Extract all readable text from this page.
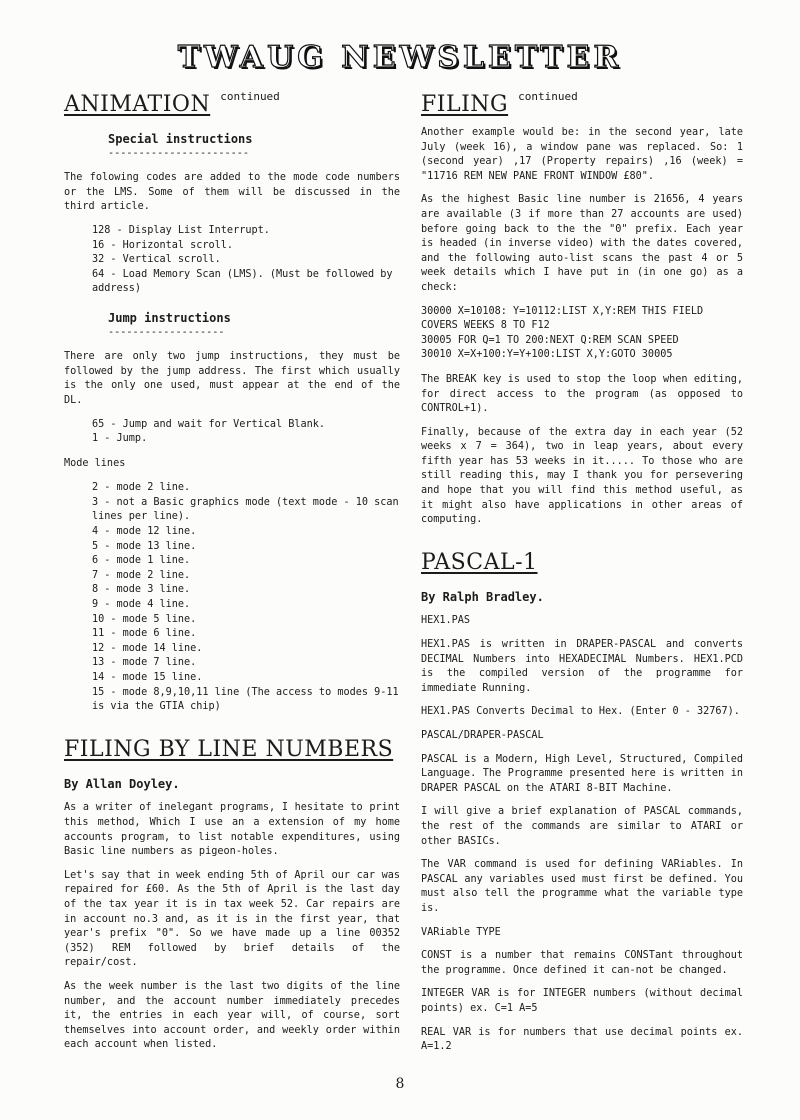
TWAUG NEWSLETTER
ANIMATION continued
Special instructions
-----------------------

The folowing codes are added to the mode code numbers or the LMS. Some of them will be discussed in the third article.

128 - Display List Interrupt.
16 - Horizontal scroll.
32 - Vertical scroll.
64 - Load Memory Scan (LMS). (Must be followed by address)
Jump instructions
-------------------

There are only two jump instructions, they must be followed by the jump address. The first which usually is the only one used, must appear at the end of the DL.

65 - Jump and wait for Vertical Blank.
1 - Jump.
Mode lines
2 - mode 2 line.
3 - not a Basic graphics mode (text mode - 10 scan lines per line).
4 - mode 12 line.
5 - mode 13 line.
6 - mode 1 line.
7 - mode 2 line.
8 - mode 3 line.
9 - mode 4 line.
10 - mode 5 line.
11 - mode 6 line.
12 - mode 14 line.
13 - mode 7 line.
14 - mode 15 line.
15 - mode 8,9,10,11 line (The access to modes 9-11 is via the GTIA chip)
FILING BY LINE NUMBERS
By Allan Doyley.

As a writer of inelegant programs, I hesitate to print this method, Which I use an a extension of my home accounts program, to list notable expenditures, using Basic line numbers as pigeon-holes.

Let's say that in week ending 5th of April our car was repaired for £60. As the 5th of April is the last day of the tax year it is in tax week 52. Car repairs are in account no.3 and, as it is in the first year, that year's prefix "0". So we have made up a line 00352 (352) REM followed by brief details of the repair/cost.

As the week number is the last two digits of the line number, and the account number immediately precedes it, the entries in each year will, of course, sort themselves into account order, and weekly order within each account when listed.

FILING continued

Another example would be: in the second year, late July (week 16), a window pane was replaced. So: 1 (second year) ,17 (Property repairs) ,16 (week) = "11716 REM NEW PANE FRONT WINDOW £80".

As the highest Basic line number is 21656, 4 years are available (3 if more than 27 accounts are used) before going back to the the "0" prefix. Each year is headed (in inverse video) with the dates covered, and the following auto-list scans the past 4 or 5 week details which I have put in (in one go) as a check:

30000 X=10108: Y=10112:LIST X,Y:REM THIS FIELD COVERS WEEKS 8 TO F12
30005 FOR Q=1 TO 200:NEXT Q:REM SCAN SPEED
30010 X=X+100:Y=Y+100:LIST X,Y:GOTO 30005

The BREAK key is used to stop the loop when editing, for direct access to the program (as opposed to CONTROL+1).

Finally, because of the extra day in each year (52 weeks x 7 = 364), two in leap years, about every fifth year has 53 weeks in it..... To those who are still reading this, may I thank you for persevering and hope that you will find this method useful, as it might also have applications in other areas of computing.

PASCAL-1
By Ralph Bradley.

HEX1.PAS

HEX1.PAS is written in DRAPER-PASCAL and converts DECIMAL Numbers into HEXADECIMAL Numbers. HEX1.PCD is the compiled version of the programme for immediate Running.

HEX1.PAS Converts Decimal to Hex. (Enter 0 - 32767).

PASCAL/DRAPER-PASCAL

PASCAL is a Modern, High Level, Structured, Compiled Language. The Programme presented here is written in DRAPER PASCAL on the ATARI 8-BIT Machine.

I will give a brief explanation of PASCAL commands, the rest of the commands are similar to ATARI or other BASICs.

The VAR command is used for defining VARiables. In PASCAL any variables used must first be defined. You must also tell the programme what the variable type is.

VARiable TYPE

CONST is a number that remains CONSTant throughout the programme. Once defined it can-not be changed.

INTEGER VAR is for INTEGER numbers (without decimal points) ex. C=1 A=5

REAL VAR is for numbers that use decimal points ex. A=1.2

8
